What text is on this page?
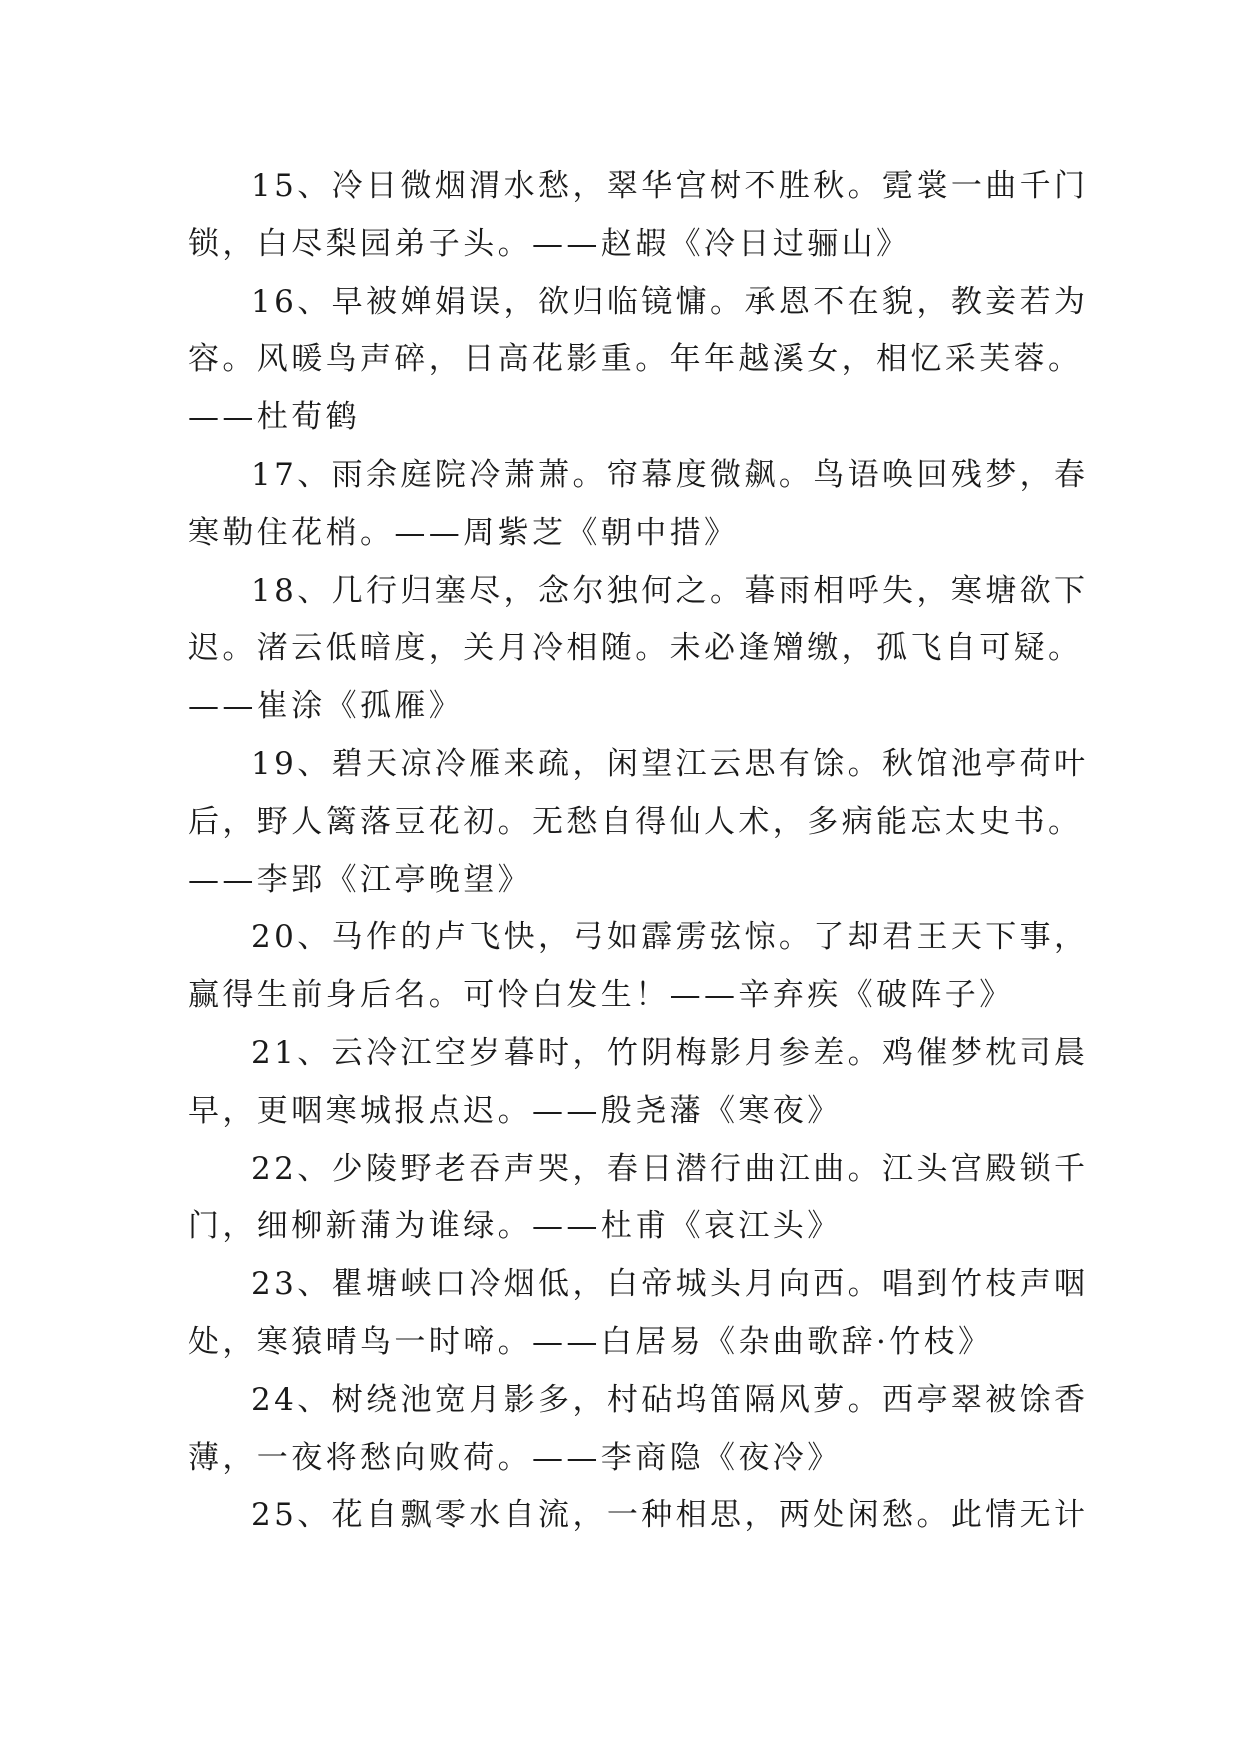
15、冷日微烟渭水愁，翠华宫树不胜秋。霓裳一曲千门
锁，白尽梨园弟子头。——赵嘏《冷日过骊山》
16、早被婵娟误，欲归临镜慵。承恩不在貌，教妾若为
容。风暖鸟声碎，日高花影重。年年越溪女，相忆采芙蓉。
——杜荀鹤
17、雨余庭院冷萧萧。帘幕度微飙。鸟语唤回残梦，春
寒勒住花梢。——周紫芝《朝中措》
18、几行归塞尽，念尔独何之。暮雨相呼失，寒塘欲下
迟。渚云低暗度，关月冷相随。未必逢矰缴，孤飞自可疑。
——崔涂《孤雁》
19、碧天凉冷雁来疏，闲望江云思有馀。秋馆池亭荷叶
后，野人篱落豆花初。无愁自得仙人术，多病能忘太史书。
——李郢《江亭晚望》
20、马作的卢飞快，弓如霹雳弦惊。了却君王天下事，
赢得生前身后名。可怜白发生！——辛弃疾《破阵子》
21、云冷江空岁暮时，竹阴梅影月参差。鸡催梦枕司晨
早，更咽寒城报点迟。——殷尧藩《寒夜》
22、少陵野老吞声哭，春日潜行曲江曲。江头宫殿锁千
门，细柳新蒲为谁绿。——杜甫《哀江头》
23、瞿塘峡口冷烟低，白帝城头月向西。唱到竹枝声咽
处，寒猿晴鸟一时啼。——白居易《杂曲歌辞·竹枝》
24、树绕池宽月影多，村砧坞笛隔风萝。西亭翠被馀香
薄，一夜将愁向败荷。——李商隐《夜冷》
25、花自飘零水自流，一种相思，两处闲愁。此情无计
